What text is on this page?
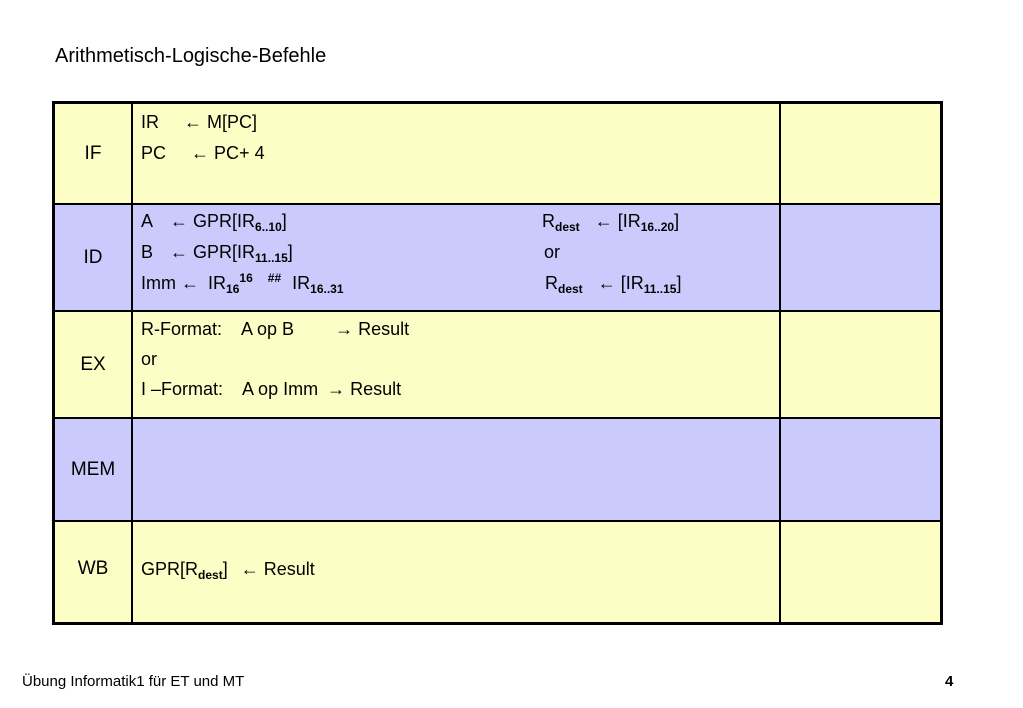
Arithmetisch-Logische-Befehle
IF
IR ← M[PC]
PC ← PC+ 4
ID
A ← $GPR[IR_{6..10}]$
B ← $GPR[IR_{11..15}]$
Imm ← $IR_{16}^{16}$ ## $IR_{16..31}$
$R_{dest}$ ← $[IR_{16..20}]$
or
$R_{dest}$ ← $[IR_{11..15}]$
EX
R-Format: A op B → Result
or
I –Format: A op Imm → Result
MEM
WB	$GPR[R_{dest}]$ ← Result
Übung Informatik1 für ET und MT	4
